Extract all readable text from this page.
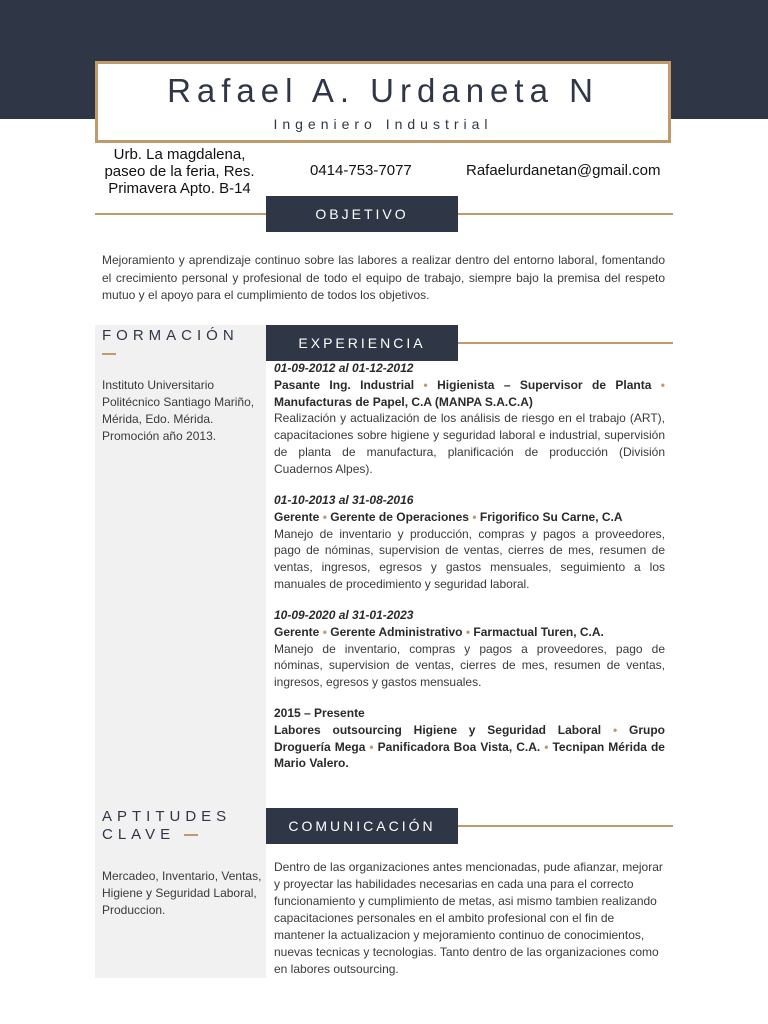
Rafael A. Urdaneta N
Ingeniero Industrial
Urb. La magdalena, paseo de la feria, Res. Primavera Apto. B-14
0414-753-7077	Rafaelurdanetan@gmail.com
OBJETIVO
Mejoramiento y aprendizaje continuo sobre las labores a realizar dentro del entorno laboral, fomentando el crecimiento personal y profesional de todo el equipo de trabajo, siempre bajo la premisa del respeto mutuo y el apoyo para el cumplimiento de todos los objetivos.
FORMACIÓN

Instituto Universitario Politécnico Santiago Mariño, Mérida, Edo. Mérida.
Promoción año 2013.
APTITUDES
CLAVE
Mercadeo, Inventario, Ventas, Higiene y Seguridad Laboral, Produccion.
EXPERIENCIA
01-09-2012 al 01-12-2012
Pasante Ing. Industrial • Higienista – Supervisor de Planta • Manufacturas de Papel, C.A (MANPA S.A.C.A)
Realización y actualización de los análisis de riesgo en el trabajo (ART), capacitaciones sobre higiene y seguridad laboral e industrial, supervisión de planta de manufactura, planificación de producción (División Cuadernos Alpes).
01-10-2013 al 31-08-2016
Gerente • Gerente de Operaciones • Frigorifico Su Carne, C.A
Manejo de inventario y producción, compras y pagos a proveedores, pago de nóminas, supervision de ventas, cierres de mes, resumen de ventas, ingresos, egresos y gastos mensuales, seguimiento a los manuales de procedimiento y seguridad laboral.
10-09-2020 al 31-01-2023
Gerente • Gerente Administrativo • Farmactual Turen, C.A.
Manejo de inventario, compras y pagos a proveedores, pago de nóminas, supervision de ventas, cierres de mes, resumen de ventas, ingresos, egresos y gastos mensuales.
2015 – Presente
Labores outsourcing Higiene y Seguridad Laboral • Grupo Droguería Mega • Panificadora Boa Vista, C.A. • Tecnipan Mérida de Mario Valero.
COMUNICACIÓN
Dentro de las organizaciones antes mencionadas, pude afianzar, mejorar y proyectar las habilidades necesarias en cada una para el correcto funcionamiento y cumplimiento de metas, asi mismo tambien realizando capacitaciones personales en el ambito profesional con el fin de mantener la actualizacion y mejoramiento continuo de conocimientos, nuevas tecnicas y tecnologias. Tanto dentro de las organizaciones como en labores outsourcing.
